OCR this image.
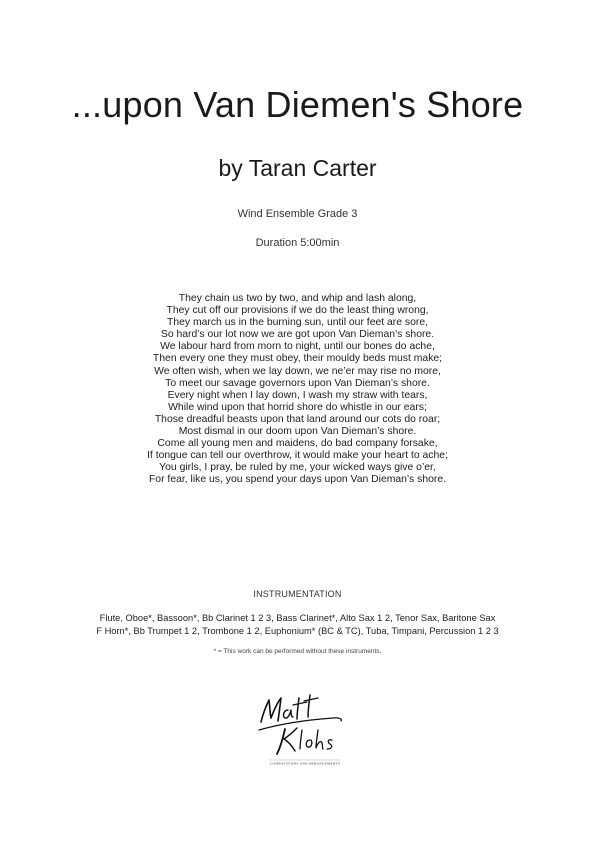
...upon Van Diemen's Shore
by Taran Carter
Wind Ensemble Grade 3
Duration 5:00min
They chain us two by two, and whip and lash along,
They cut off our provisions if we do the least thing wrong,
They march us in the burning sun, until our feet are sore,
So hard’s our lot now we are got upon Van Dieman’s shore.
We labour hard from morn to night, until our bones do ache,
Then every one they must obey, their mouldy beds must make;
We often wish, when we lay down, we ne’er may rise no more,
To meet our savage governors upon Van Dieman’s shore.
Every night when I lay down, I wash my straw with tears,
While wind upon that horrid shore do whistle in our ears;
Those dreadful beasts upon that land around our cots do roar;
Most dismal in our doom upon Van Dieman’s shore.
Come all young men and maidens, do bad company forsake,
If tongue can tell our overthrow, it would make your heart to ache;
You girls, I pray, be ruled by me, your wicked ways give o’er,
For fear, like us, you spend your days upon Van Dieman’s shore.
INSTRUMENTATION
Flute, Oboe*, Bassoon*, Bb Clarinet 1 2 3, Bass Clarinet*, Alto Sax 1 2, Tenor Sax, Baritone Sax
F Horn*, Bb Trumpet 1 2, Trombone 1 2, Euphonium* (BC & TC), Tuba, Timpani, Percussion 1 2 3
* = This work can be performed without these instruments.
COMPOSITIONS AND ARRANGEMENTS
